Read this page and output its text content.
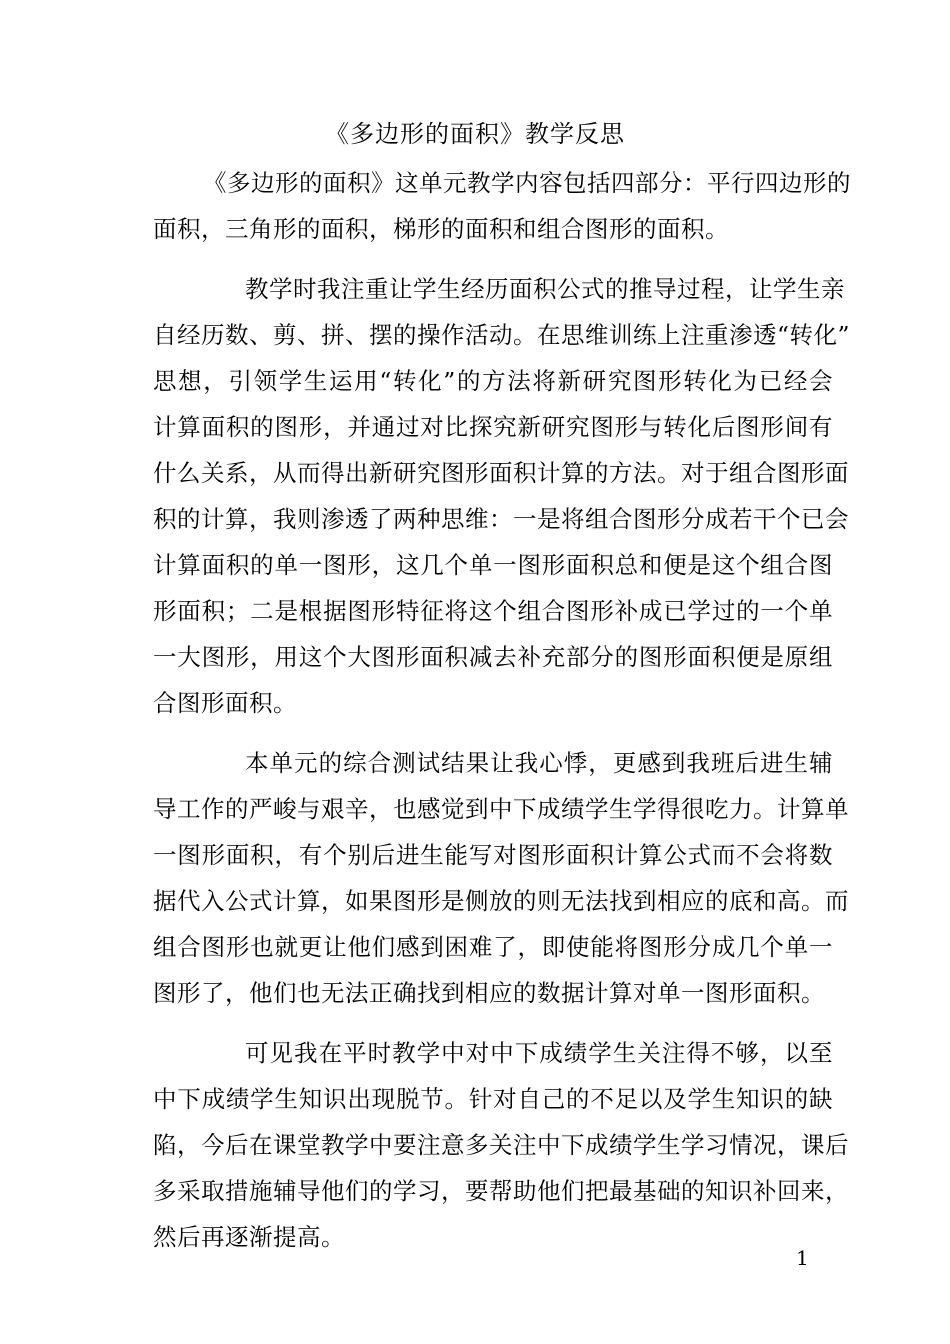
《多边形的面积》教学反思
《多边形的面积》这单元教学内容包括四部分：平行四边形的
面积，三角形的面积，梯形的面积和组合图形的面积。
教学时我注重让学生经历面积公式的推导过程，让学生亲
自经历数、剪、拼、摆的操作活动。在思维训练上注重渗透“转化”
思想，引领学生运用“转化”的方法将新研究图形转化为已经会
计算面积的图形，并通过对比探究新研究图形与转化后图形间有
什么关系，从而得出新研究图形面积计算的方法。对于组合图形面
积的计算，我则渗透了两种思维：一是将组合图形分成若干个已会
计算面积的单一图形，这几个单一图形面积总和便是这个组合图
形面积；二是根据图形特征将这个组合图形补成已学过的一个单
一大图形，用这个大图形面积减去补充部分的图形面积便是原组
合图形面积。
本单元的综合测试结果让我心悸，更感到我班后进生辅
导工作的严峻与艰辛，也感觉到中下成绩学生学得很吃力。计算单
一图形面积，有个别后进生能写对图形面积计算公式而不会将数
据代入公式计算，如果图形是侧放的则无法找到相应的底和高。而
组合图形也就更让他们感到困难了，即使能将图形分成几个单一
图形了，他们也无法正确找到相应的数据计算对单一图形面积。
可见我在平时教学中对中下成绩学生关注得不够，以至
中下成绩学生知识出现脱节。针对自己的不足以及学生知识的缺
陷，今后在课堂教学中要注意多关注中下成绩学生学习情况，课后
多采取措施辅导他们的学习，要帮助他们把最基础的知识补回来，
然后再逐渐提高。
1
